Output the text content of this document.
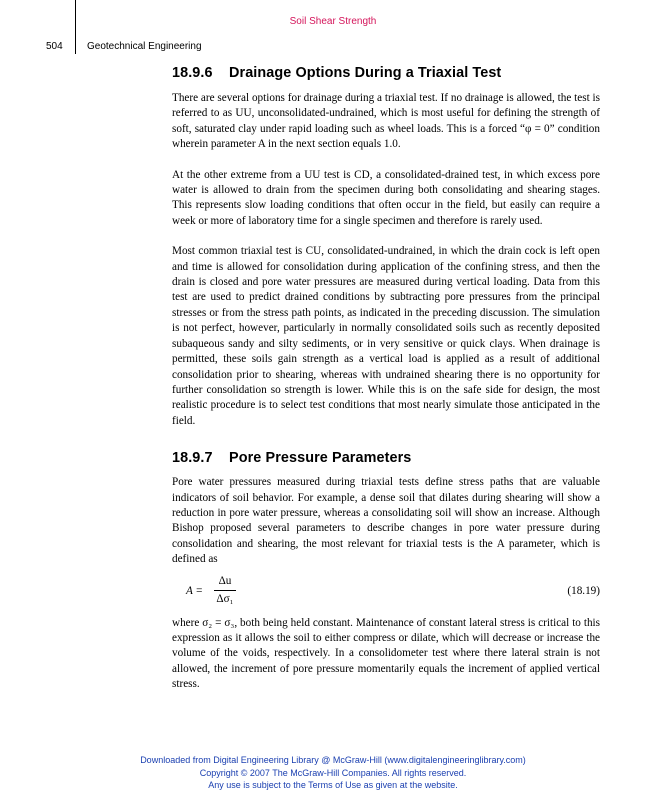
Soil Shear Strength
504 Geotechnical Engineering
18.9.6 Drainage Options During a Triaxial Test

There are several options for drainage during a triaxial test. If no drainage is allowed, the test is referred to as UU, unconsolidated-undrained, which is most useful for defining the strength of soft, saturated clay under rapid loading such as wheel loads. This is a forced “φ = 0” condition wherein parameter A in the next section equals 1.0.

At the other extreme from a UU test is CD, a consolidated-drained test, in which excess pore water is allowed to drain from the specimen during both consolidating and shearing stages. This represents slow loading conditions that often occur in the field, but easily can require a week or more of laboratory time for a single specimen and therefore is rarely used.

Most common triaxial test is CU, consolidated-undrained, in which the drain cock is left open and time is allowed for consolidation during application of the confining stress, and then the drain is closed and pore water pressures are measured during vertical loading. Data from this test are used to predict drained conditions by subtracting pore pressures from the principal stresses or from the stress path points, as indicated in the preceding discussion. The simulation is not perfect, however, particularly in normally consolidated soils such as recently deposited subaqueous sandy and silty sediments, or in very sensitive or quick clays. When drainage is permitted, these soils gain strength as a vertical load is applied as a result of additional consolidation prior to shearing, whereas with undrained shearing there is no opportunity for further consolidation so strength is lower. While this is on the safe side for design, the most realistic procedure is to select test conditions that most nearly simulate those anticipated in the field.

18.9.7 Pore Pressure Parameters

Pore water pressures measured during triaxial tests define stress paths that are valuable indicators of soil behavior. For example, a dense soil that dilates during shearing will show a reduction in pore water pressure, whereas a consolidating soil will show an increase. Although Bishop proposed several parameters to describe changes in pore water pressure during consolidation and shearing, the most relevant for triaxial tests is the A parameter, which is defined as

A =
Δu
Δσ₁
(18.19)

where σ₂ = σ₃, both being held constant. Maintenance of constant lateral stress is critical to this expression as it allows the soil to either compress or dilate, which will decrease or increase the volume of the voids, respectively. In a consolidometer test where there lateral strain is not allowed, the increment of pore pressure momentarily equals the increment of applied vertical stress.

Downloaded from Digital Engineering Library @ McGraw-Hill (www.digitalengineeringlibrary.com)
Copyright © 2007 The McGraw-Hill Companies. All rights reserved.
Any use is subject to the Terms of Use as given at the website.
